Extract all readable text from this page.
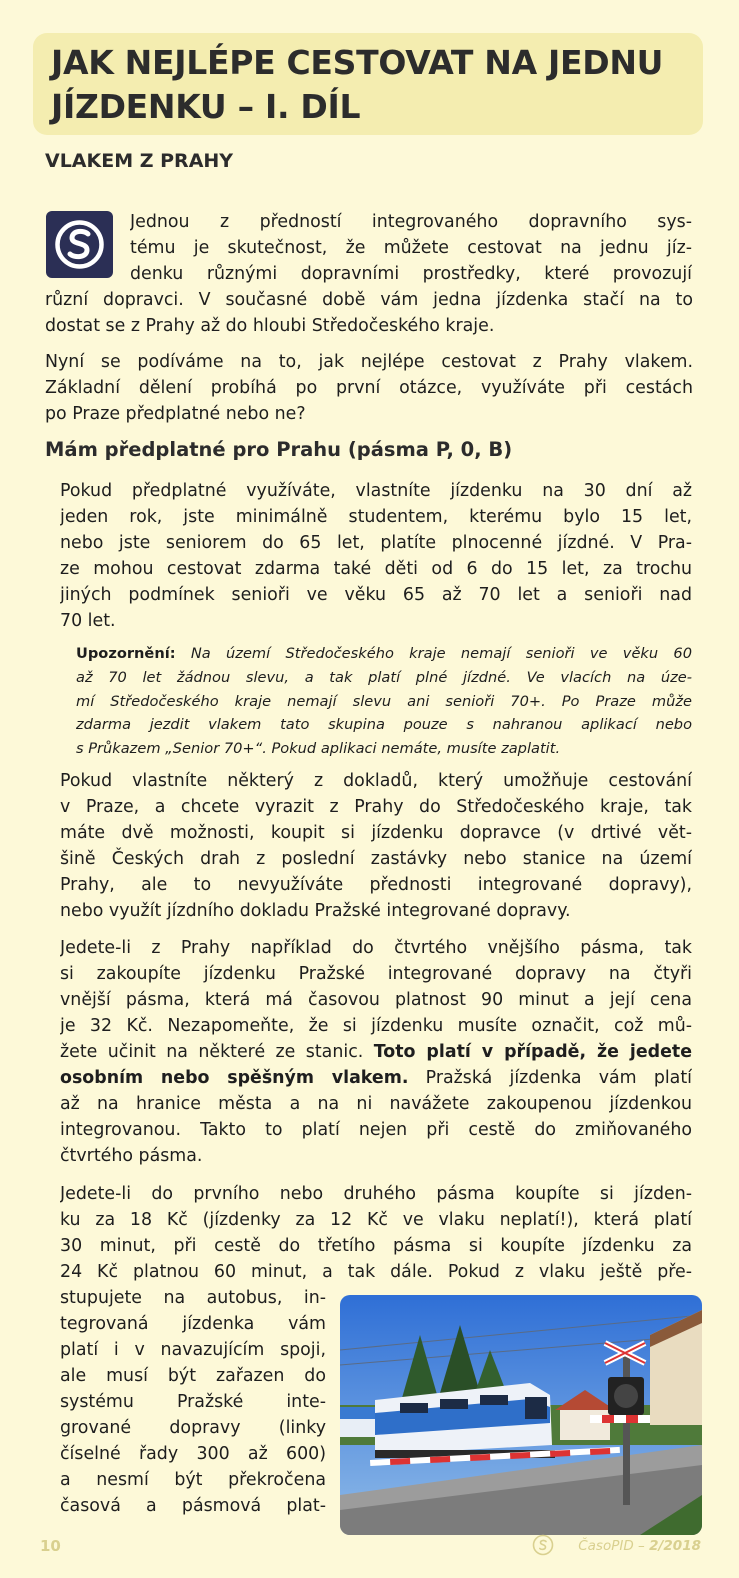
JAK NEJLÉPE CESTOVAT NA JEDNU
JÍZDENKU – I. DÍL
VLAKEM Z PRAHY
Jednou z předností integrovaného dopravního sys-
tému je skutečnost, že můžete cestovat na jednu jíz-
denku různými dopravními prostředky, které provozují
různí dopravci. V současné době vám jedna jízdenka stačí na to
dostat se z Prahy až do hloubi Středočeského kraje.
Nyní se podíváme na to, jak nejlépe cestovat z Prahy vlakem.
Základní dělení probíhá po první otázce, využíváte při cestách
po Praze předplatné nebo ne?
Mám předplatné pro Prahu (pásma P, 0, B)
Pokud předplatné využíváte, vlastníte jízdenku na 30 dní až
jeden rok, jste minimálně studentem, kterému bylo 15 let,
nebo jste seniorem do 65 let, platíte plnocenné jízdné. V Pra-
ze mohou cestovat zdarma také děti od 6 do 15 let, za trochu
jiných podmínek senioři ve věku 65 až 70 let a senioři nad
70 let.
Upozornění: Na území Středočeského kraje nemají senioři ve věku 60
až 70 let žádnou slevu, a tak platí plné jízdné. Ve vlacích na úze-
mí Středočeského kraje nemají slevu ani senioři 70+. Po Praze může
zdarma jezdit vlakem tato skupina pouze s nahranou aplikací nebo
s Průkazem „Senior 70+“. Pokud aplikaci nemáte, musíte zaplatit.
Pokud vlastníte některý z dokladů, který umožňuje cestování
v Praze, a chcete vyrazit z Prahy do Středočeského kraje, tak
máte dvě možnosti, koupit si jízdenku dopravce (v drtivé vět-
šině Českých drah z poslední zastávky nebo stanice na území
Prahy, ale to nevyužíváte přednosti integrované dopravy),
nebo využít jízdního dokladu Pražské integrované dopravy.
Jedete-li z Prahy například do čtvrtého vnějšího pásma, tak
si zakoupíte jízdenku Pražské integrované dopravy na čtyři
vnější pásma, která má časovou platnost 90 minut a její cena
je 32 Kč. Nezapomeňte, že si jízdenku musíte označit, což mů-
žete učinit na některé ze stanic. Toto platí v případě, že jedete
osobním nebo spěšným vlakem. Pražská jízdenka vám platí
až na hranice města a na ni navážete zakoupenou jízdenkou
integrovanou. Takto to platí nejen při cestě do zmiňovaného
čtvrtého pásma.
Jedete-li do prvního nebo druhého pásma koupíte si jízden-
ku za 18 Kč (jízdenky za 12 Kč ve vlaku neplatí!), která platí
30 minut, při cestě do třetího pásma si koupíte jízdenku za
24 Kč platnou 60 minut, a tak dále. Pokud z vlaku ještě pře-
stupujete na autobus, in-
tegrovaná jízdenka vám
platí i v navazujícím spoji,
ale musí být zařazen do
systému Pražské inte-
grované dopravy (linky
číselné řady 300 až 600)
a nesmí být překročena
časová a pásmová plat-
10	ČasoPID – 2/2018
